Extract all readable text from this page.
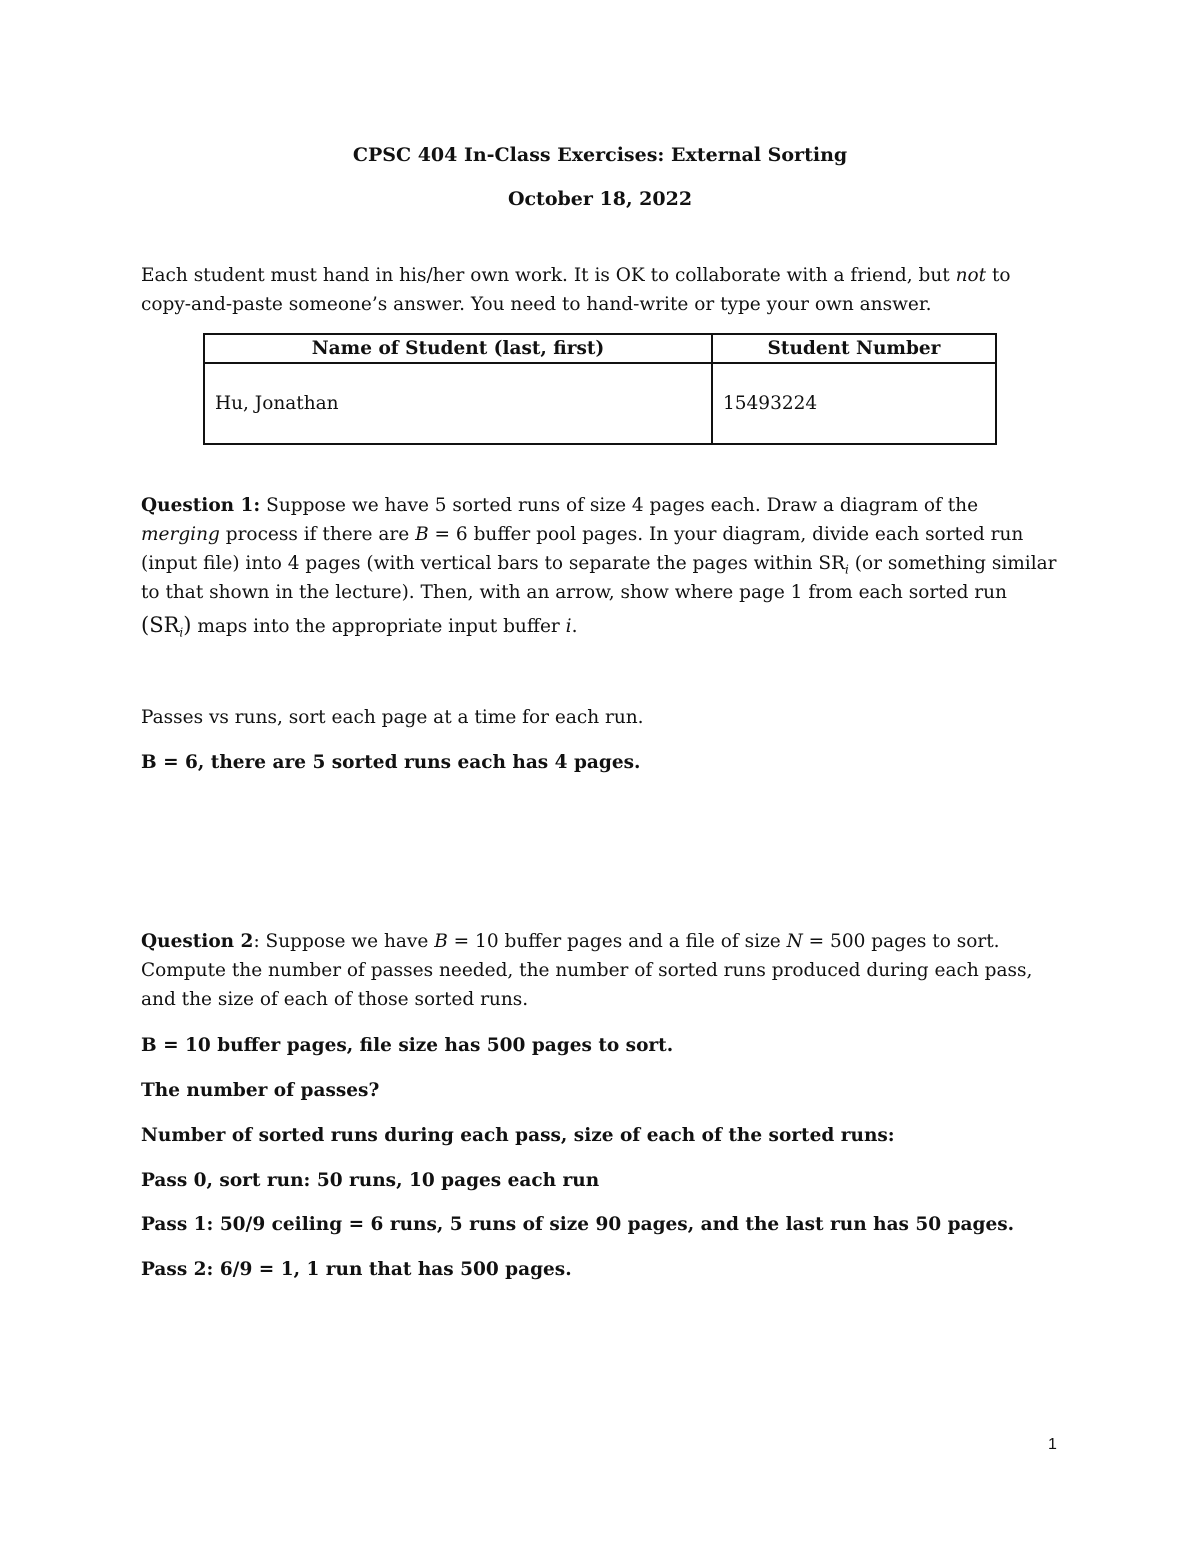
CPSC 404 In-Class Exercises: External Sorting
October 18, 2022
Each student must hand in his/her own work. It is OK to collaborate with a friend, but not to
copy-and-paste someone’s answer. You need to hand-write or type your own answer.
Name of Student (last, first)	Student Number
Hu, Jonathan	15493224
Question 1: Suppose we have 5 sorted runs of size 4 pages each. Draw a diagram of the
merging process if there are B = 6 buffer pool pages. In your diagram, divide each sorted run
(input file) into 4 pages (with vertical bars to separate the pages within $SR_i$ (or something similar
to that shown in the lecture). Then, with an arrow, show where page 1 from each sorted run
$(SR_i)$ maps into the appropriate input buffer i.
Passes vs runs, sort each page at a time for each run.
B = 6, there are 5 sorted runs each has 4 pages.
Question 2: Suppose we have B = 10 buffer pages and a file of size N = 500 pages to sort.
Compute the number of passes needed, the number of sorted runs produced during each pass,
and the size of each of those sorted runs.
B = 10 buffer pages, file size has 500 pages to sort.
The number of passes?
Number of sorted runs during each pass, size of each of the sorted runs:
Pass 0, sort run: 50 runs, 10 pages each run
Pass 1: 50/9 ceiling = 6 runs, 5 runs of size 90 pages, and the last run has 50 pages.
Pass 2: 6/9 = 1, 1 run that has 500 pages.
1
